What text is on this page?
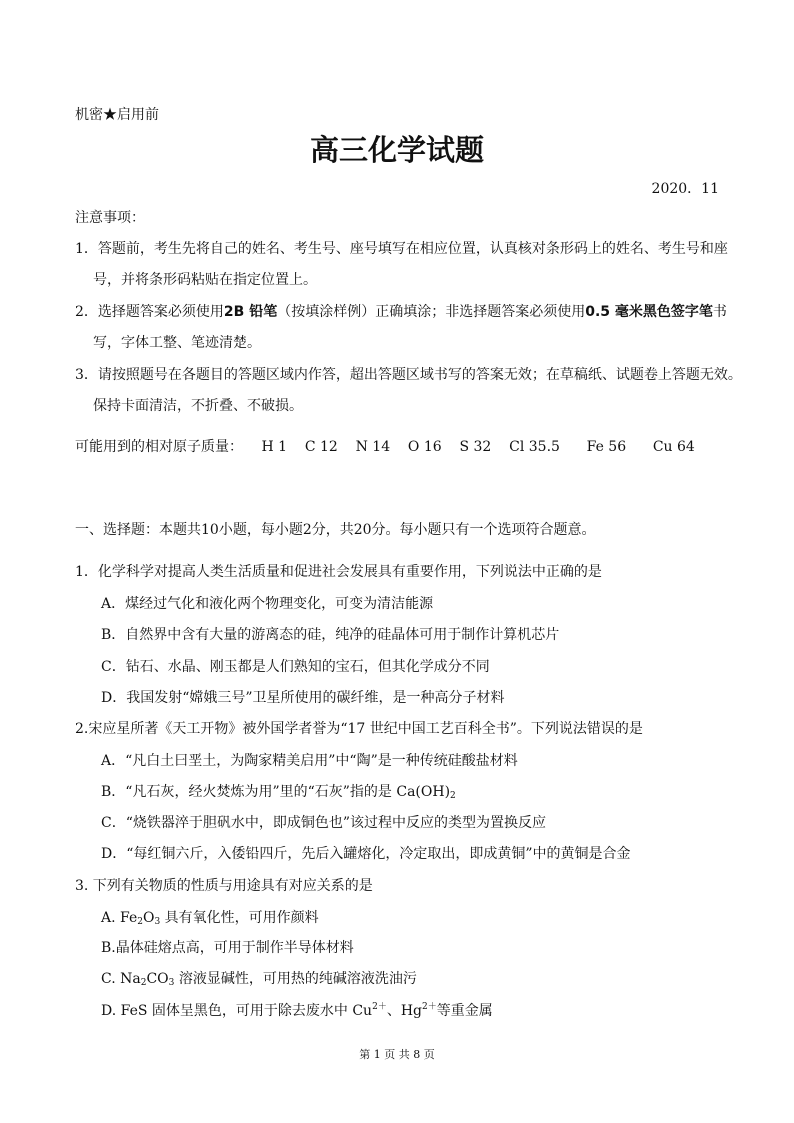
机密★启用前
高三化学试题
2020．11
注意事项：
1．答题前，考生先将自己的姓名、考生号、座号填写在相应位置，认真核对条形码上的姓名、考生号和座
号，并将条形码粘贴在指定位置上。
2．选择题答案必须使用2B 铅笔（按填涂样例）正确填涂；非选择题答案必须使用0.5 毫米黑色签字笔书
写，字体工整、笔迹清楚。
3．请按照题号在各题目的答题区域内作答，超出答题区域书写的答案无效；在草稿纸、试题卷上答题无效。
保持卡面清洁，不折叠、不破损。
可能用到的相对原子质量： H 1    C 12    N 14    O 16    S 32    Cl 35.5      Fe 56      Cu 64
一、选择题：本题共10小题，每小题2分，共20分。每小题只有一个选项符合题意。
1．化学科学对提高人类生活质量和促进社会发展具有重要作用，下列说法中正确的是
A．煤经过气化和液化两个物理变化，可变为清洁能源
B．自然界中含有大量的游离态的硅，纯净的硅晶体可用于制作计算机芯片
C．钻石、水晶、刚玉都是人们熟知的宝石，但其化学成分不同
D．我国发射“嫦娥三号”卫星所使用的碳纤维，是一种高分子材料
2.宋应星所著《天工开物》被外国学者誉为“17 世纪中国工艺百科全书”。下列说法错误的是
A．“凡白土曰垩土，为陶家精美启用”中“陶”是一种传统硅酸盐材料
B．“凡石灰，经火焚炼为用”里的“石灰”指的是 $Ca(OH)_2$
C．“烧铁器淬于胆矾水中，即成铜色也”该过程中反应的类型为置换反应
D．“每红铜六斤，入倭铅四斤，先后入罐熔化，冷定取出，即成黄铜”中的黄铜是合金
3. 下列有关物质的性质与用途具有对应关系的是
A. $Fe_2O_3$ 具有氧化性，可用作颜料
B.晶体硅熔点高，可用于制作半导体材料
C. $Na_2CO_3$ 溶液显碱性，可用热的纯碱溶液洗油污
D. FeS 固体呈黑色，可用于除去废水中 $Cu^{2+}$、$Hg^{2+}$等重金属
第 1 页 共 8 页
